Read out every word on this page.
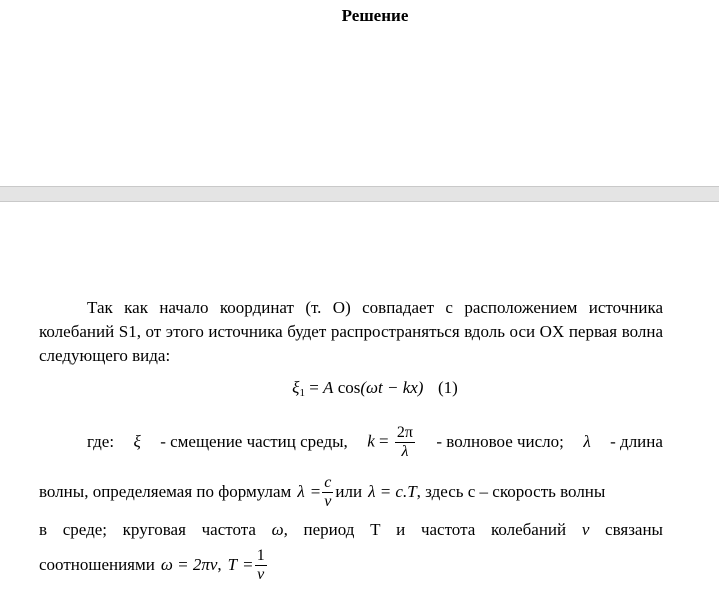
Решение
Так как начало координат (т. О) совпадает с расположением источника колебаний S1, от этого источника будет распространяться вдоль оси OX первая волна следующего вида:
$\xi_1 = A$ cos(ωt − kx) (1)
где: ξ - смещение частиц среды, $k = \frac{2\pi}{\lambda}$ - волновое число; λ - длина
волны, определяемая по формулам $\lambda = \frac{c}{\nu}$ или λ = c.T , здесь с – скорость волны
в среде; круговая частота ω, период Т и частота колебаний ν связаны
соотношениями ω = 2πν , $T = \frac{1}{\nu}$
